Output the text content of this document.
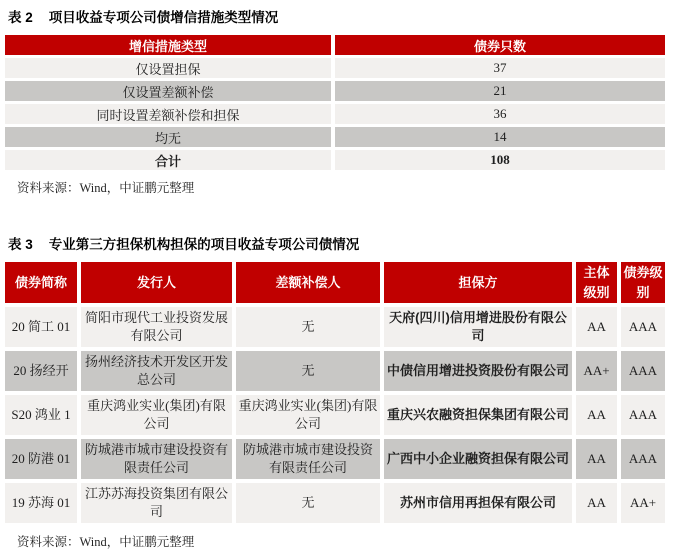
表 2 项目收益专项公司债增信措施类型情况
增信措施类型	债券只数
仅设置担保	37
仅设置差额补偿	21
同时设置差额补偿和担保	36
均无	14
合计	108
资料来源：Wind，中证鹏元整理
表 3 专业第三方担保机构担保的项目收益专项公司债情况
债券简称	发行人	差额补偿人	担保方	主体级别	债券级别
20 简工 01	简阳市现代工业投资发展有限公司	无	天府(四川)信用增进股份有限公司	AA	AAA
20 扬经开	扬州经济技术开发区开发总公司	无	中债信用增进投资股份有限公司	AA+	AAA
S20 鸿业 1	重庆鸿业实业(集团)有限公司	重庆鸿业实业(集团)有限公司	重庆兴农融资担保集团有限公司	AA	AAA
20 防港 01	防城港市城市建设投资有限责任公司	防城港市城市建设投资有限责任公司	广西中小企业融资担保有限公司	AA	AAA
19 苏海 01	江苏苏海投资集团有限公司	无	苏州市信用再担保有限公司	AA	AA+
资料来源：Wind，中证鹏元整理
